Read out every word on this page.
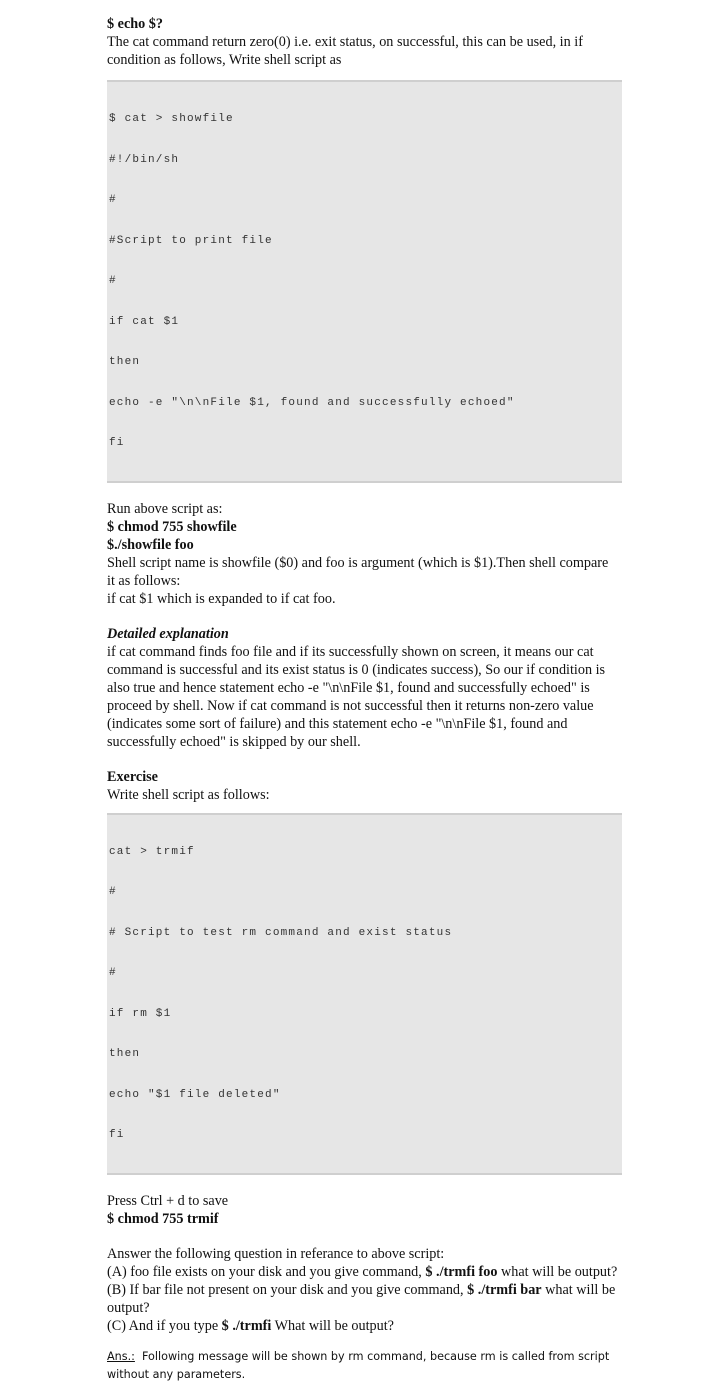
$ echo $?
The cat command return zero(0) i.e. exit status, on successful, this can be used, in if
condition as follows, Write shell script as

$ cat > showfile

#!/bin/sh

#

#Script to print file

#

if cat $1

then

echo -e "\n\nFile $1, found and successfully echoed"

fi

Run above script as:
$ chmod 755 showfile
$./showfile foo
Shell script name is showfile ($0) and foo is argument (which is $1).Then shell compare
it as follows:
if cat $1 which is expanded to if cat foo.
Detailed explanation
if cat command finds foo file and if its successfully shown on screen, it means our cat
command is successful and its exist status is 0 (indicates success), So our if condition is
also true and hence statement echo -e "\n\nFile $1, found and successfully echoed" is
proceed by shell. Now if cat command is not successful then it returns non-zero value
(indicates some sort of failure) and this statement echo -e "\n\nFile $1, found and
successfully echoed" is skipped by our shell.
Exercise
Write shell script as follows:

cat > trmif

#

# Script to test rm command and exist status

#

if rm $1

then

echo "$1 file deleted"

fi

Press Ctrl + d to save
$ chmod 755 trmif
Answer the following question in referance to above script:
(A) foo file exists on your disk and you give command, $ ./trmfi foo what will be output?
(B) If bar file not present on your disk and you give command, $ ./trmfi bar what will be
output?
(C) And if you type $ ./trmfi What will be output?
Ans.:  Following message will be shown by rm command, because rm is called from script
without any parameters.
